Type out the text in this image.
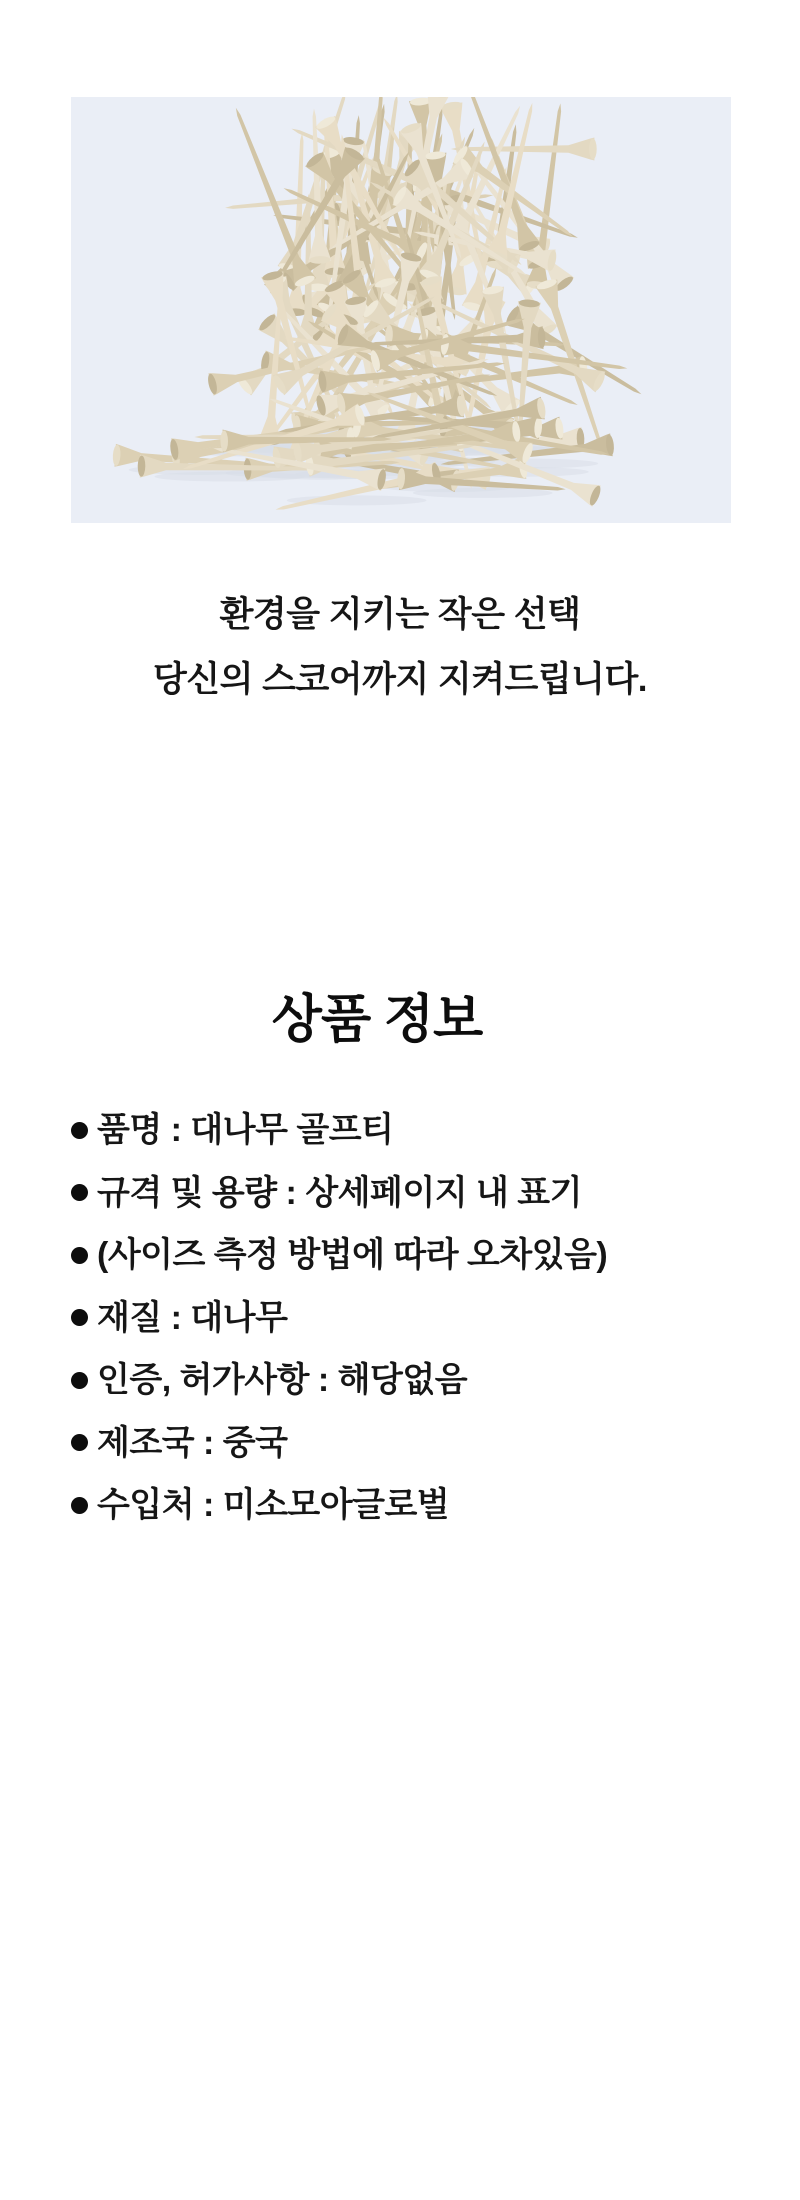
환경을 지키는 작은 선택

당신의 스코어까지 지켜드립니다.

상품 정보
품명 : 대나무 골프티
규격 및 용량 : 상세페이지 내 표기
(사이즈 측정 방법에 따라 오차있음)
재질 : 대나무
인증, 허가사항 : 해당없음
제조국 : 중국
수입처 : 미소모아글로벌
